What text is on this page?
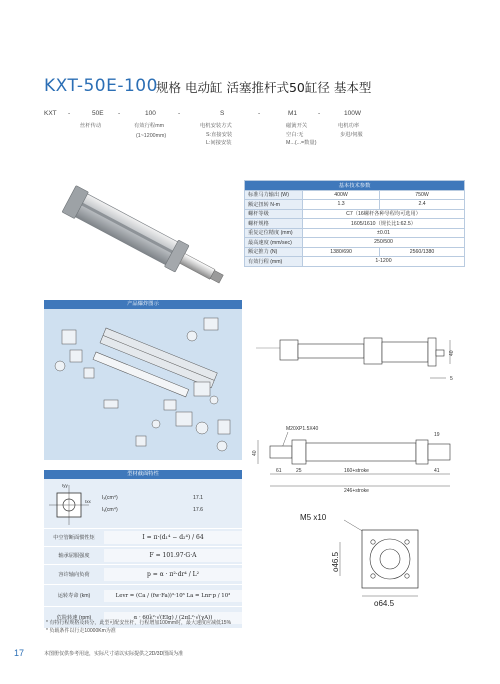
KXT-50E-100
规格 电动缸 活塞推杆式50缸径 基本型
KXT -	50E -	100	-	S	-	M1	-	100W
丝杆传动	有效行程mm
(1~1200mm)
电机安装方式
S:直接安装
L:间接安装
磁簧开关
空白:无
M...(...=数量)
电机功率
步进/伺服
基本技术参数		
标准马力输出 (W)	400W	750W
额定扭转 N-m	1.3	2.4
螺杆等级	C7（16螺杆各种导程均可选用）	
螺杆规格	1605/1610（规长比1:62.5）	
重复定位精度 (mm)	±0.01	
最高速度 (mm/sec)	250/500	
额定推力 (N)	1380/690	2560/1380
有效行程 (mm)	1-1200	
产品爆炸图示
型材截面特性
Iyy
Ixx
Iₓ(cm⁴)	17.1
Iᵧ(cm⁴)	17.6
中空管断面惯性矩	I = π·(d₁⁴ − d₂⁴) / 64
轴承屈服强度	F = 101.97·G·A
容许轴向负荷	p = α · π²·dr⁴ / L²
运转寿命 (km)	Levr = (Ca / (fw·Fa))³·10⁶ La = Lnr·p / 10³
危险转速 (rpm)	α · 60λ²·√(EIg) / (2πL²·√(γA))
* 有特行程规格及转分，此型可配安丝杆，行程增加100mm时，最大速度应减低15%
* 负载条件以行走10000Km为准
本图册仅供参考用途，实际尺寸请以实际提供之2D/3D图面为准
17
40
5
M20XP1.5X40
40
19
61	25	160+stroke	41
246+stroke
M5 x10
o46.5
o64.5
